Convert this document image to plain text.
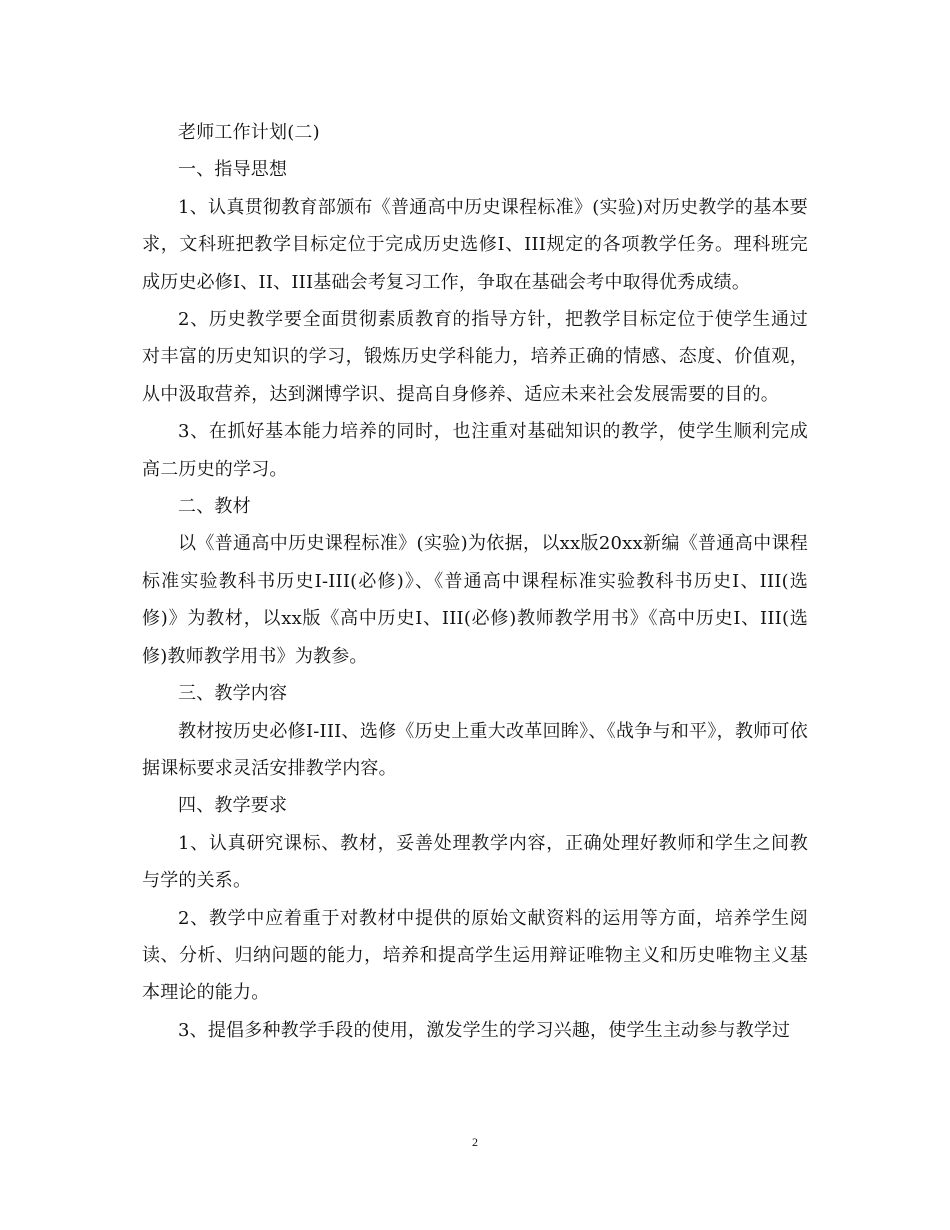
老师工作计划(二)

一、指导思想

1、认真贯彻教育部颁布《普通高中历史课程标准》(实验)对历史教学的基本要求，文科班把教学目标定位于完成历史选修I、III规定的各项教学任务。理科班完成历史必修I、II、III基础会考复习工作，争取在基础会考中取得优秀成绩。

2、历史教学要全面贯彻素质教育的指导方针，把教学目标定位于使学生通过对丰富的历史知识的学习，锻炼历史学科能力，培养正确的情感、态度、价值观，从中汲取营养，达到渊博学识、提高自身修养、适应未来社会发展需要的目的。

3、在抓好基本能力培养的同时，也注重对基础知识的教学，使学生顺利完成高二历史的学习。

二、教材

以《普通高中历史课程标准》(实验)为依据，以xx版20xx新编《普通高中课程标准实验教科书历史I-III(必修)》、《普通高中课程标准实验教科书历史I、III(选修)》为教材，以xx版《高中历史I、III(必修)教师教学用书》《高中历史I、III(选修)教师教学用书》为教参。

三、教学内容

教材按历史必修I-III、选修《历史上重大改革回眸》、《战争与和平》，教师可依据课标要求灵活安排教学内容。

四、教学要求

1、认真研究课标、教材，妥善处理教学内容，正确处理好教师和学生之间教与学的关系。

2、教学中应着重于对教材中提供的原始文献资料的运用等方面，培养学生阅读、分析、归纳问题的能力，培养和提高学生运用辩证唯物主义和历史唯物主义基本理论的能力。

3、提倡多种教学手段的使用，激发学生的学习兴趣，使学生主动参与教学过

2
